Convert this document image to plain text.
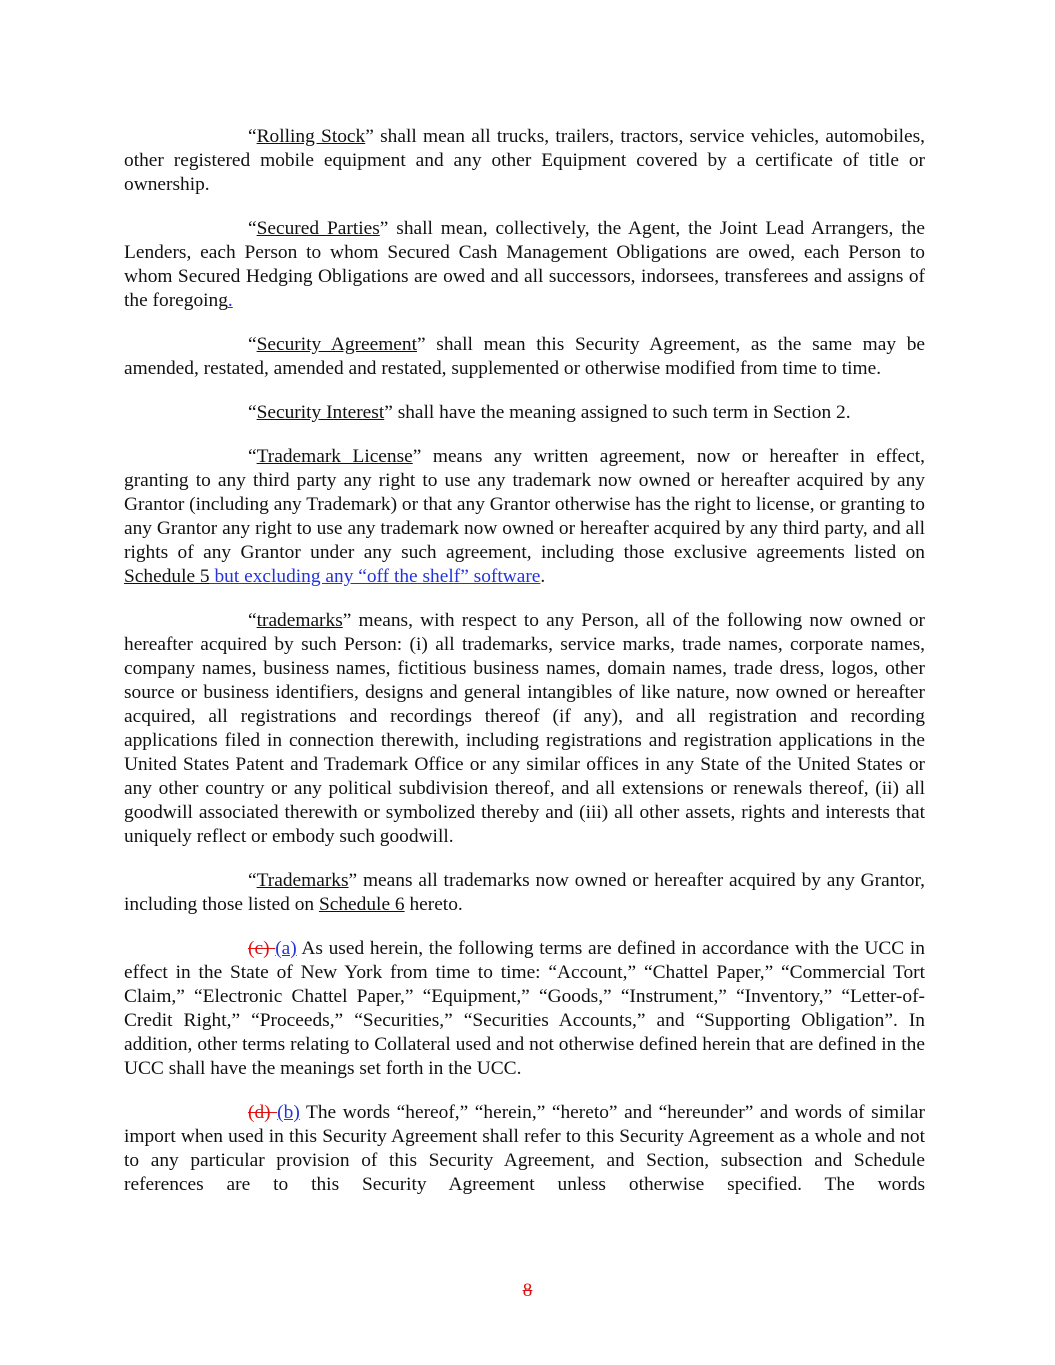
“Rolling Stock” shall mean all trucks, trailers, tractors, service vehicles, automobiles, other registered mobile equipment and any other Equipment covered by a certificate of title or ownership.

“Secured Parties” shall mean, collectively, the Agent, the Joint Lead Arrangers, the Lenders, each Person to whom Secured Cash Management Obligations are owed, each Person to whom Secured Hedging Obligations are owed and all successors, indorsees, transferees and assigns of the foregoing.

“Security Agreement” shall mean this Security Agreement, as the same may be amended, restated, amended and restated, supplemented or otherwise modified from time to time.

“Security Interest” shall have the meaning assigned to such term in Section 2.

“Trademark License” means any written agreement, now or hereafter in effect, granting to any third party any right to use any trademark now owned or hereafter acquired by any Grantor (including any Trademark) or that any Grantor otherwise has the right to license, or granting to any Grantor any right to use any trademark now owned or hereafter acquired by any third party, and all rights of any Grantor under any such agreement, including those exclusive agreements listed on Schedule 5 but excluding any “off the shelf” software.

“trademarks” means, with respect to any Person, all of the following now owned or hereafter acquired by such Person: (i) all trademarks, service marks, trade names, corporate names, company names, business names, fictitious business names, domain names, trade dress, logos, other source or business identifiers, designs and general intangibles of like nature, now owned or hereafter acquired, all registrations and recordings thereof (if any), and all registration and recording applications filed in connection therewith, including registrations and registration applications in the United States Patent and Trademark Office or any similar offices in any State of the United States or any other country or any political subdivision thereof, and all extensions or renewals thereof, (ii) all goodwill associated therewith or symbolized thereby and (iii) all other assets, rights and interests that uniquely reflect or embody such goodwill.

“Trademarks” means all trademarks now owned or hereafter acquired by any Grantor, including those listed on Schedule 6 hereto.

(c) (a) As used herein, the following terms are defined in accordance with the UCC in effect in the State of New York from time to time: “Account,” “Chattel Paper,” “Commercial Tort Claim,” “Electronic Chattel Paper,” “Equipment,” “Goods,” “Instrument,” “Inventory,” “Letter-of-Credit Right,” “Proceeds,” “Securities,” “Securities Accounts,” and “Supporting Obligation”. In addition, other terms relating to Collateral used and not otherwise defined herein that are defined in the UCC shall have the meanings set forth in the UCC.

(d) (b) The words “hereof,” “herein,” “hereto” and “hereunder” and words of similar import when used in this Security Agreement shall refer to this Security Agreement as a whole and not to any particular provision of this Security Agreement, and Section, subsection and Schedule references are to this Security Agreement unless otherwise specified. The words

8
